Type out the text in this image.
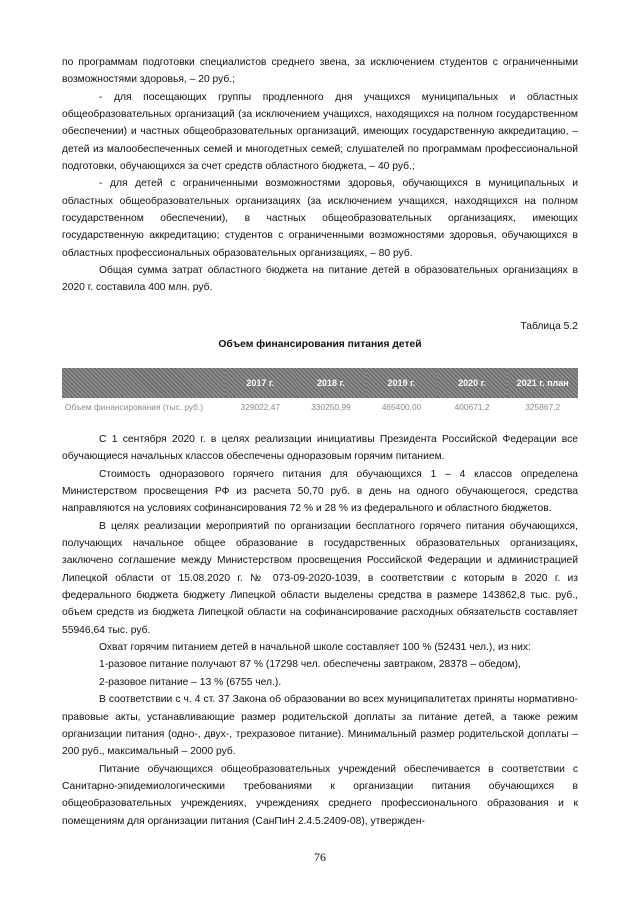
по программам подготовки специалистов среднего звена, за исключением студентов с ограниченными возможностями здоровья, – 20 руб.;

- для посещающих группы продленного дня учащихся муниципальных и областных общеобразовательных организаций (за исключением учащихся, находящихся на полном государственном обеспечении) и частных общеобразовательных организаций, имеющих государственную аккредитацию, – детей из малообеспеченных семей и многодетных семей; слушателей по программам профессиональной подготовки, обучающихся за счет средств областного бюджета, – 40 руб.;

- для детей с ограниченными возможностями здоровья, обучающихся в муниципальных и областных общеобразовательных организациях (за исключением учащихся, находящихся на полном государственном обеспечении), в частных общеобразовательных организациях, имеющих государственную аккредитацию; студентов с ограниченными возможностями здоровья, обучающихся в областных профессиональных образовательных организациях, – 80 руб.

Общая сумма затрат областного бюджета на питание детей в образовательных организациях в 2020 г. составила 400 млн. руб.

Таблица 5.2
Объем финансирования питания детей
	2017 г.	2018 г.	2019 г.	2020 г.	2021 г. план
Объем финансирования (тыс. руб.)	329022,47	330250,99	465400,00	400671,2	325867,2

С 1 сентября 2020 г. в целях реализации инициативы Президента Российской Федерации все обучающиеся начальных классов обеспечены одноразовым горячим питанием.

Стоимость одноразового горячего питания для обучающихся 1 – 4 классов определена Министерством просвещения РФ из расчета 50,70 руб. в день на одного обучающегося, средства направляются на условиях софинансирования 72 % и 28 % из федерального и областного бюджетов.

В целях реализации мероприятий по организации бесплатного горячего питания обучающихся, получающих начальное общее образование в государственных образовательных организациях, заключено соглашение между Министерством просвещения Российской Федерации и администрацией Липецкой области от 15.08.2020 г. № 073-09-2020-1039, в соответствии с которым в 2020 г. из федерального бюджета бюджету Липецкой области выделены средства в размере 143862,8 тыс. руб., объем средств из бюджета Липецкой области на софинансирование расходных обязательств составляет 55946,64 тыс. руб.

Охват горячим питанием детей в начальной школе составляет 100 % (52431 чел.), из них:

1-разовое питание получают 87 % (17298 чел. обеспечены завтраком, 28378 – обедом),

2-разовое питание – 13 % (6755 чел.).

В соответствии с ч. 4 ст. 37 Закона об образовании во всех муниципалитетах приняты нормативно-правовые акты, устанавливающие размер родительской доплаты за питание детей, а также режим организации питания (одно-, двух-, трехразовое питание). Минимальный размер родительской доплаты – 200 руб., максимальный – 2000 руб.

Питание обучающихся общеобразовательных учреждений обеспечивается в соответствии с Санитарно-эпидемиологическими требованиями к организации питания обучающихся в общеобразовательных учреждениях, учреждениях среднего профессионального образования и к помещениям для организации питания (СанПиН 2.4.5.2409-08), утвержден-

76
